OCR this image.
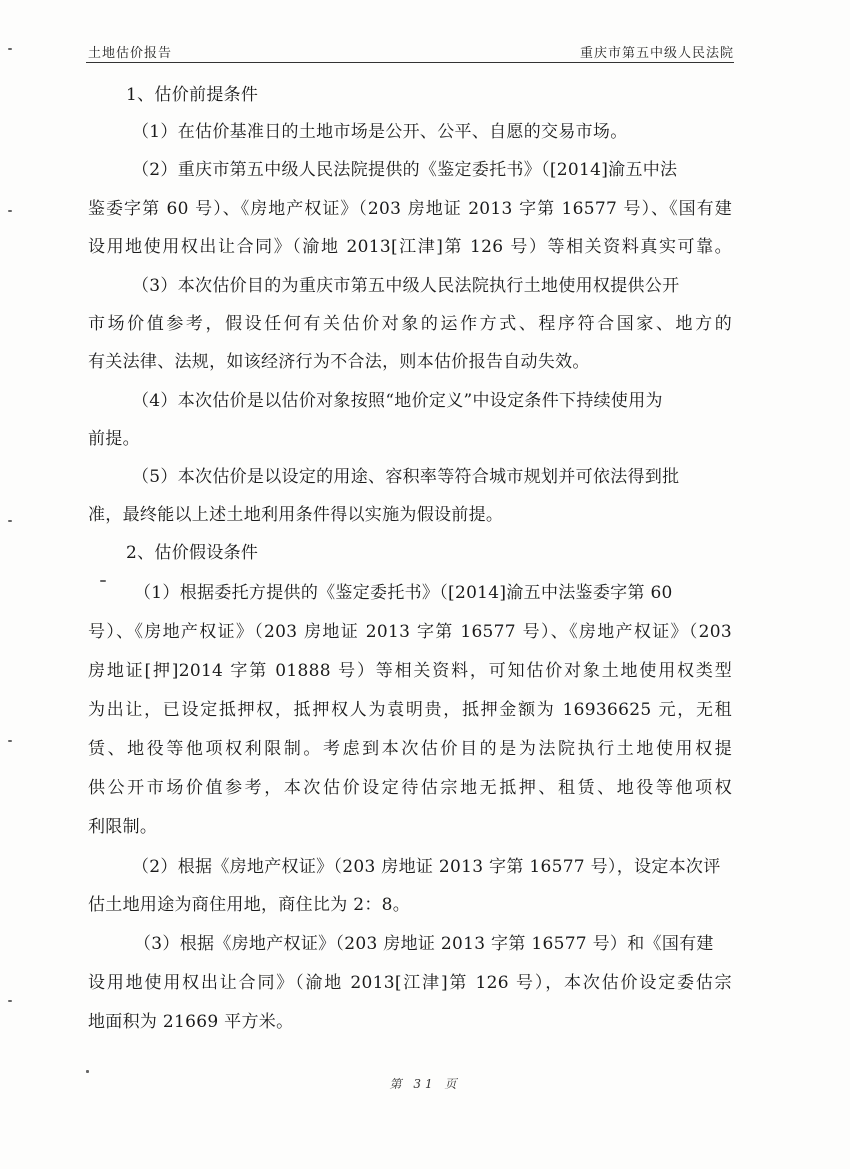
土地估价报告	重庆市第五中级人民法院
1、估价前提条件
（1）在估价基准日的土地市场是公开、公平、自愿的交易市场。
（2）重庆市第五中级人民法院提供的《鉴定委托书》（[2014]渝五中法
鉴委字第 60 号）、《房地产权证》（203 房地证 2013 字第 16577 号）、《国有建
设用地使用权出让合同》（渝地 2013[江津]第 126 号）等相关资料真实可靠。
（3）本次估价目的为重庆市第五中级人民法院执行土地使用权提供公开
市场价值参考，假设任何有关估价对象的运作方式、程序符合国家、地方的
有关法律、法规，如该经济行为不合法，则本估价报告自动失效。
（4）本次估价是以估价对象按照“地价定义”中设定条件下持续使用为
前提。
（5）本次估价是以设定的用途、容积率等符合城市规划并可依法得到批
准，最终能以上述土地利用条件得以实施为假设前提。
2、估价假设条件
（1）根据委托方提供的《鉴定委托书》（[2014]渝五中法鉴委字第 60
号）、《房地产权证》（203 房地证 2013 字第 16577 号）、《房地产权证》（203
房地证[押]2014 字第 01888 号）等相关资料，可知估价对象土地使用权类型
为出让，已设定抵押权，抵押权人为袁明贵，抵押金额为 16936625 元，无租
赁、地役等他项权利限制。考虑到本次估价目的是为法院执行土地使用权提
供公开市场价值参考，本次估价设定待估宗地无抵押、租赁、地役等他项权
利限制。
（2）根据《房地产权证》（203 房地证 2013 字第 16577 号），设定本次评
估土地用途为商住用地，商住比为 2：8。
（3）根据《房地产权证》（203 房地证 2013 字第 16577 号）和《国有建
设用地使用权出让合同》（渝地 2013[江津]第 126 号），本次估价设定委估宗
地面积为 21669 平方米。
第 31 页
